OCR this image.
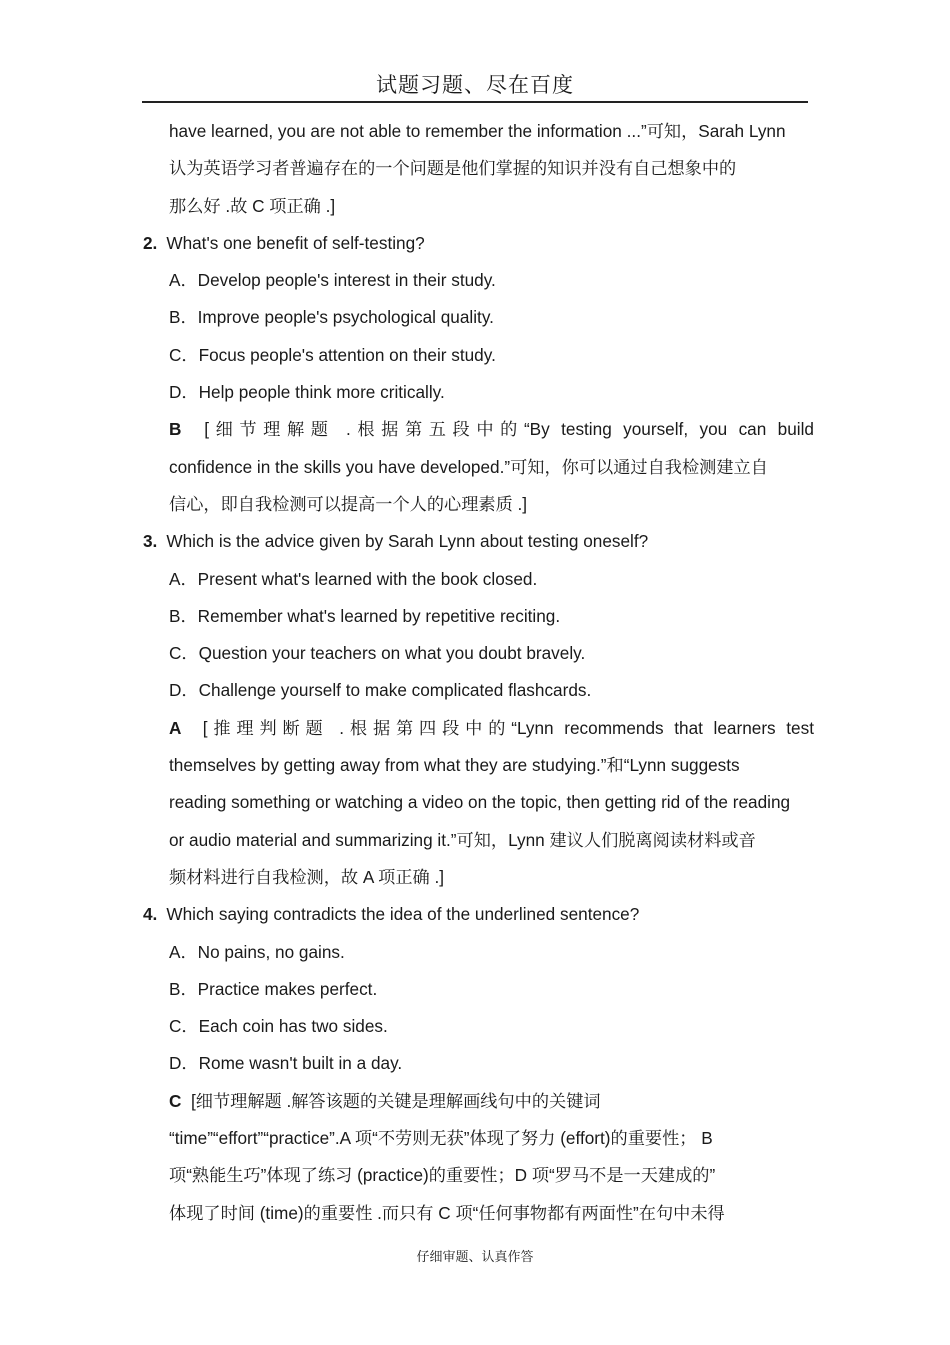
试题习题、尽在百度
have learned, you are not able to remember the information ...”可知，Sarah Lynn
认为英语学习者普遍存在的一个问题是他们掌握的知识并没有自己想象中的
那么好 .故 C 项正确 .]
2. What's one benefit of self-testing?
A．Develop people's interest in their study.
B．Improve people's psychological quality.
C．Focus people's attention on their study.
D．Help people think more critically.
B [细节理解题 .根据第五段中的“By testing yourself, you can build
confidence in the skills you have developed.”可知，你可以通过自我检测建立自
信心，即自我检测可以提高一个人的心理素质 .]
3. Which is the advice given by Sarah Lynn about testing oneself?
A．Present what's learned with the book closed.
B．Remember what's learned by repetitive reciting.
C．Question your teachers on what you doubt bravely.
D．Challenge yourself to make complicated flashcards.
A [推理判断题 .根据第四段中的“Lynn recommends that learners test
themselves by getting away from what they are studying.”和“Lynn suggests
reading something or watching a video on the topic, then getting rid of the reading
or audio material and summarizing it.”可知，Lynn 建议人们脱离阅读材料或音
频材料进行自我检测，故 A 项正确 .]
4. Which saying contradicts the idea of the underlined sentence?
A．No pains, no gains.
B．Practice makes perfect.
C．Each coin has two sides.
D．Rome wasn't built in a day.
C [细节理解题 .解答该题的关键是理解画线句中的关键词
“time”“effort”“practice”.A 项“不劳则无获”体现了努力 (effort)的重要性； B
项“熟能生巧”体现了练习 (practice)的重要性；D 项“罗马不是一天建成的”
体现了时间 (time)的重要性 .而只有 C 项“任何事物都有两面性”在句中未得
仔细审题、认真作答
